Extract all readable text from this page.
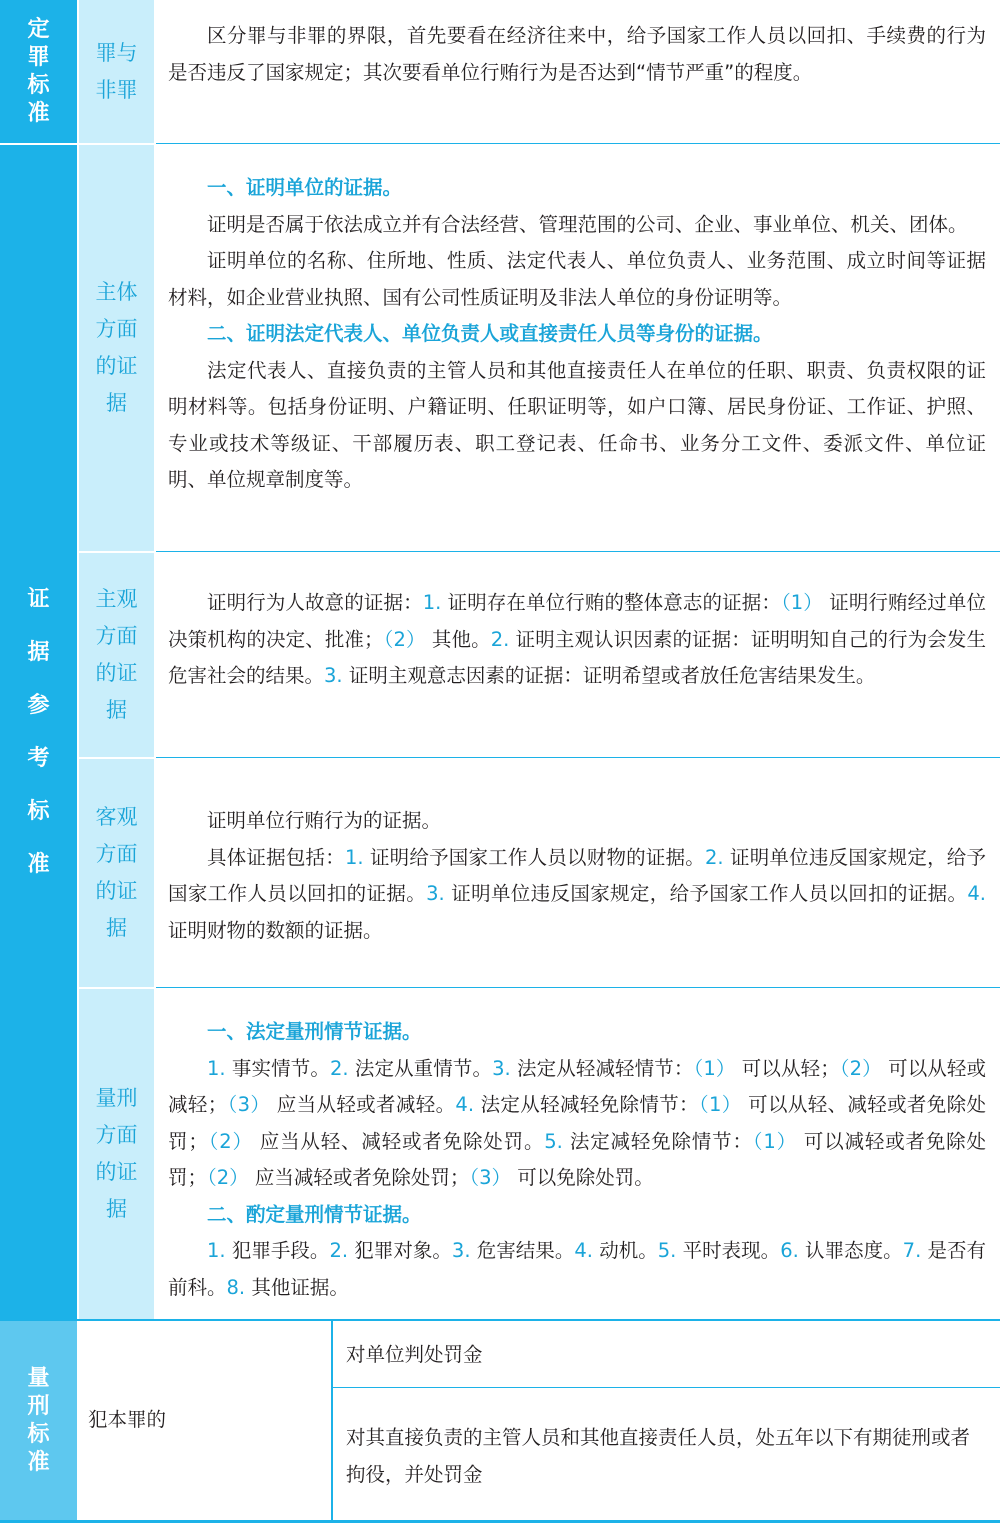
定罪标准
罪与非罪

区分罪与非罪的界限，首先要看在经济往来中，给予国家工作人员以回扣、手续费的行为是否违反了国家规定；其次要看单位行贿行为是否达到“情节严重”的程度。

证据参考标准
主体方面的证据

一、证明单位的证据。

证明是否属于依法成立并有合法经营、管理范围的公司、企业、事业单位、机关、团体。

证明单位的名称、住所地、性质、法定代表人、单位负责人、业务范围、成立时间等证据材料，如企业营业执照、国有公司性质证明及非法人单位的身份证明等。

二、证明法定代表人、单位负责人或直接责任人员等身份的证据。

法定代表人、直接负责的主管人员和其他直接责任人在单位的任职、职责、负责权限的证明材料等。包括身份证明、户籍证明、任职证明等，如户口簿、居民身份证、工作证、护照、专业或技术等级证、干部履历表、职工登记表、任命书、业务分工文件、委派文件、单位证明、单位规章制度等。

主观方面的证据

证明行为人故意的证据：1. 证明存在单位行贿的整体意志的证据：（1） 证明行贿经过单位决策机构的决定、批准；（2） 其他。2. 证明主观认识因素的证据：证明明知自己的行为会发生危害社会的结果。3. 证明主观意志因素的证据：证明希望或者放任危害结果发生。

客观方面的证据

证明单位行贿行为的证据。

具体证据包括：1. 证明给予国家工作人员以财物的证据。2. 证明单位违反国家规定，给予国家工作人员以回扣的证据。3. 证明单位违反国家规定，给予国家工作人员以回扣的证据。4. 证明财物的数额的证据。

量刑方面的证据

一、法定量刑情节证据。

1. 事实情节。2. 法定从重情节。3. 法定从轻减轻情节：（1） 可以从轻；（2） 可以从轻或减轻；（3） 应当从轻或者减轻。4. 法定从轻减轻免除情节：（1） 可以从轻、减轻或者免除处罚；（2） 应当从轻、减轻或者免除处罚。5. 法定减轻免除情节：（1） 可以减轻或者免除处罚；（2） 应当减轻或者免除处罚；（3） 可以免除处罚。

二、酌定量刑情节证据。

1. 犯罪手段。2. 犯罪对象。3. 危害结果。4. 动机。5. 平时表现。6. 认罪态度。7. 是否有前科。8. 其他证据。

量刑标准
犯本罪的
对单位判处罚金
对其直接负责的主管人员和其他直接责任人员，处五年以下有期徒刑或者拘役，并处罚金
